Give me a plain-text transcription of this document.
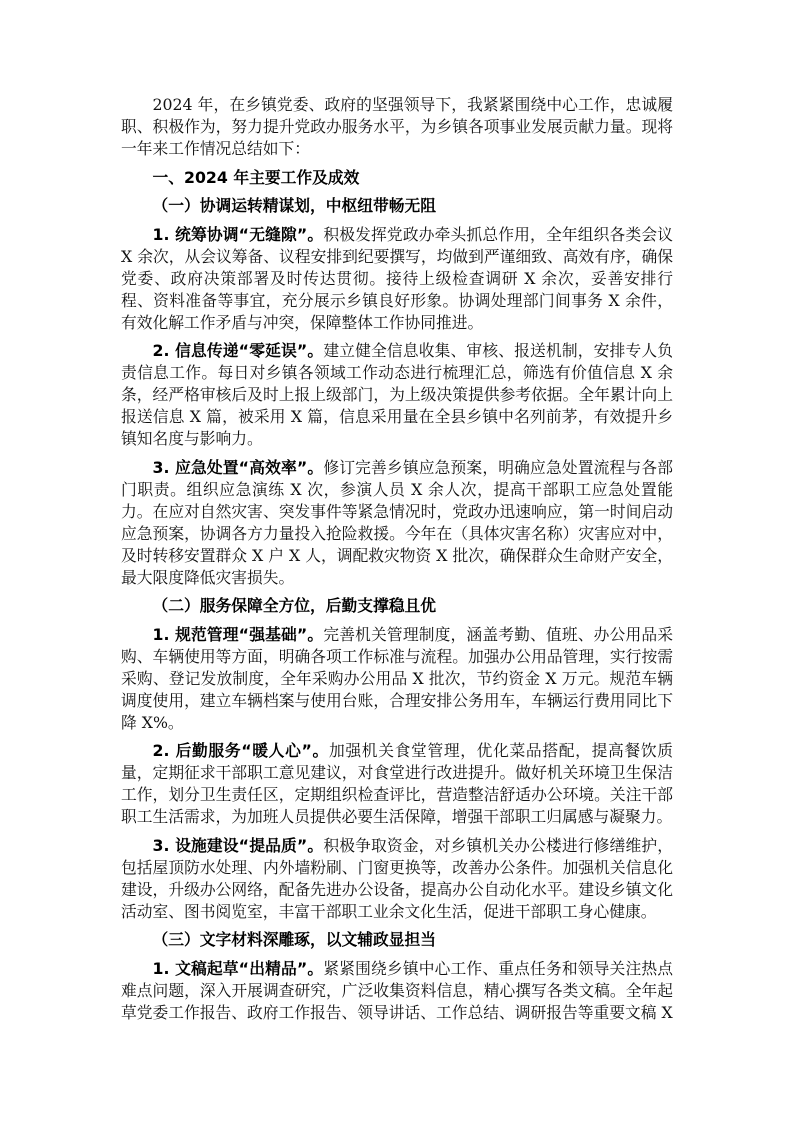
2024 年，在乡镇党委、政府的坚强领导下，我紧紧围绕中心工作，忠诚履职、积极作为，努力提升党政办服务水平，为乡镇各项事业发展贡献力量。现将一年来工作情况总结如下：

一、2024 年主要工作及成效

（一）协调运转精谋划，中枢纽带畅无阻

1. 统筹协调“无缝隙”。积极发挥党政办牵头抓总作用，全年组织各类会议 X 余次，从会议筹备、议程安排到纪要撰写，均做到严谨细致、高效有序，确保党委、政府决策部署及时传达贯彻。接待上级检查调研 X 余次，妥善安排行程、资料准备等事宜，充分展示乡镇良好形象。协调处理部门间事务 X 余件，有效化解工作矛盾与冲突，保障整体工作协同推进。

2. 信息传递“零延误”。建立健全信息收集、审核、报送机制，安排专人负责信息工作。每日对乡镇各领域工作动态进行梳理汇总，筛选有价值信息 X 余条，经严格审核后及时上报上级部门，为上级决策提供参考依据。全年累计向上报送信息 X 篇，被采用 X 篇，信息采用量在全县乡镇中名列前茅，有效提升乡镇知名度与影响力。

3. 应急处置“高效率”。修订完善乡镇应急预案，明确应急处置流程与各部门职责。组织应急演练 X 次，参演人员 X 余人次，提高干部职工应急处置能力。在应对自然灾害、突发事件等紧急情况时，党政办迅速响应，第一时间启动应急预案，协调各方力量投入抢险救援。今年在（具体灾害名称）灾害应对中，及时转移安置群众 X 户 X 人，调配救灾物资 X 批次，确保群众生命财产安全，最大限度降低灾害损失。

（二）服务保障全方位，后勤支撑稳且优

1. 规范管理“强基础”。完善机关管理制度，涵盖考勤、值班、办公用品采购、车辆使用等方面，明确各项工作标准与流程。加强办公用品管理，实行按需采购、登记发放制度，全年采购办公用品 X 批次，节约资金 X 万元。规范车辆调度使用，建立车辆档案与使用台账，合理安排公务用车，车辆运行费用同比下降 X%。

2. 后勤服务“暖人心”。加强机关食堂管理，优化菜品搭配，提高餐饮质量，定期征求干部职工意见建议，对食堂进行改进提升。做好机关环境卫生保洁工作，划分卫生责任区，定期组织检查评比，营造整洁舒适办公环境。关注干部职工生活需求，为加班人员提供必要生活保障，增强干部职工归属感与凝聚力。

3. 设施建设“提品质”。积极争取资金，对乡镇机关办公楼进行修缮维护，包括屋顶防水处理、内外墙粉刷、门窗更换等，改善办公条件。加强机关信息化建设，升级办公网络，配备先进办公设备，提高办公自动化水平。建设乡镇文化活动室、图书阅览室，丰富干部职工业余文化生活，促进干部职工身心健康。

（三）文字材料深雕琢，以文辅政显担当

1. 文稿起草“出精品”。紧紧围绕乡镇中心工作、重点任务和领导关注热点难点问题，深入开展调查研究，广泛收集资料信息，精心撰写各类文稿。全年起草党委工作报告、政府工作报告、领导讲话、工作总结、调研报告等重要文稿 X
